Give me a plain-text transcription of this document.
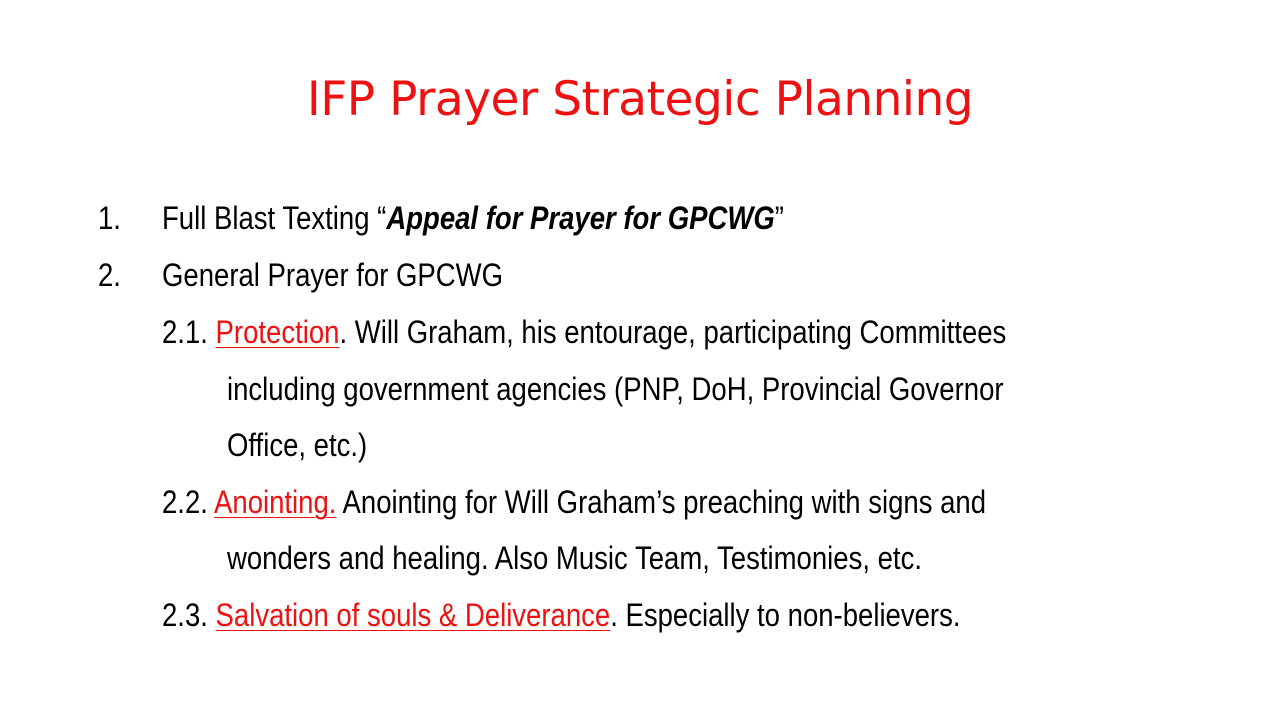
IFP Prayer Strategic Planning
1. Full Blast Texting “Appeal for Prayer for GPCWG”
2. General Prayer for GPCWG
2.1. Protection. Will Graham, his entourage, participating Committees
including government agencies (PNP, DoH, Provincial Governor
Office, etc.)
2.2. Anointing. Anointing for Will Graham’s preaching with signs and
wonders and healing. Also Music Team, Testimonies, etc.
2.3. Salvation of souls & Deliverance. Especially to non-believers.
